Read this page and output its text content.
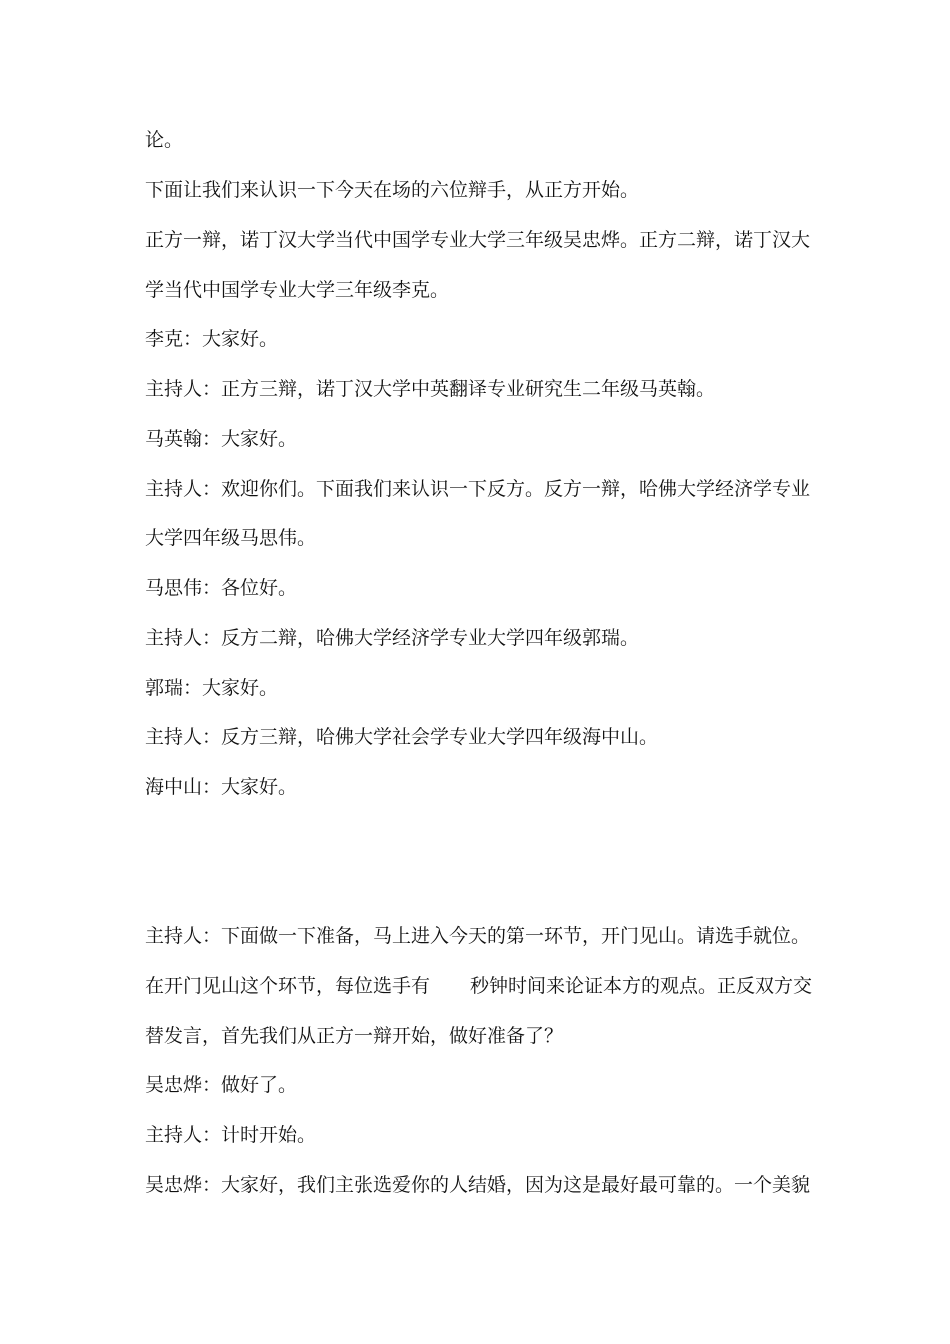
论。

下面让我们来认识一下今天在场的六位辩手，从正方开始。

正方一辩，诺丁汉大学当代中国学专业大学三年级吴忠烨。正方二辩，诺丁汉大

学当代中国学专业大学三年级李克。

李克：大家好。

主持人：正方三辩，诺丁汉大学中英翻译专业研究生二年级马英翰。

马英翰：大家好。

主持人：欢迎你们。下面我们来认识一下反方。反方一辩，哈佛大学经济学专业

大学四年级马思伟。

马思伟：各位好。

主持人：反方二辩，哈佛大学经济学专业大学四年级郭瑞。

郭瑞：大家好。

主持人：反方三辩，哈佛大学社会学专业大学四年级海中山。

海中山：大家好。

主持人：下面做一下准备，马上进入今天的第一环节，开门见山。请选手就位。

在开门见山这个环节，每位选手有 秒钟时间来论证本方的观点。正反双方交

替发言，首先我们从正方一辩开始，做好准备了？

吴忠烨：做好了。

主持人：计时开始。

吴忠烨：大家好，我们主张选爱你的人结婚，因为这是最好最可靠的。一个美貌
